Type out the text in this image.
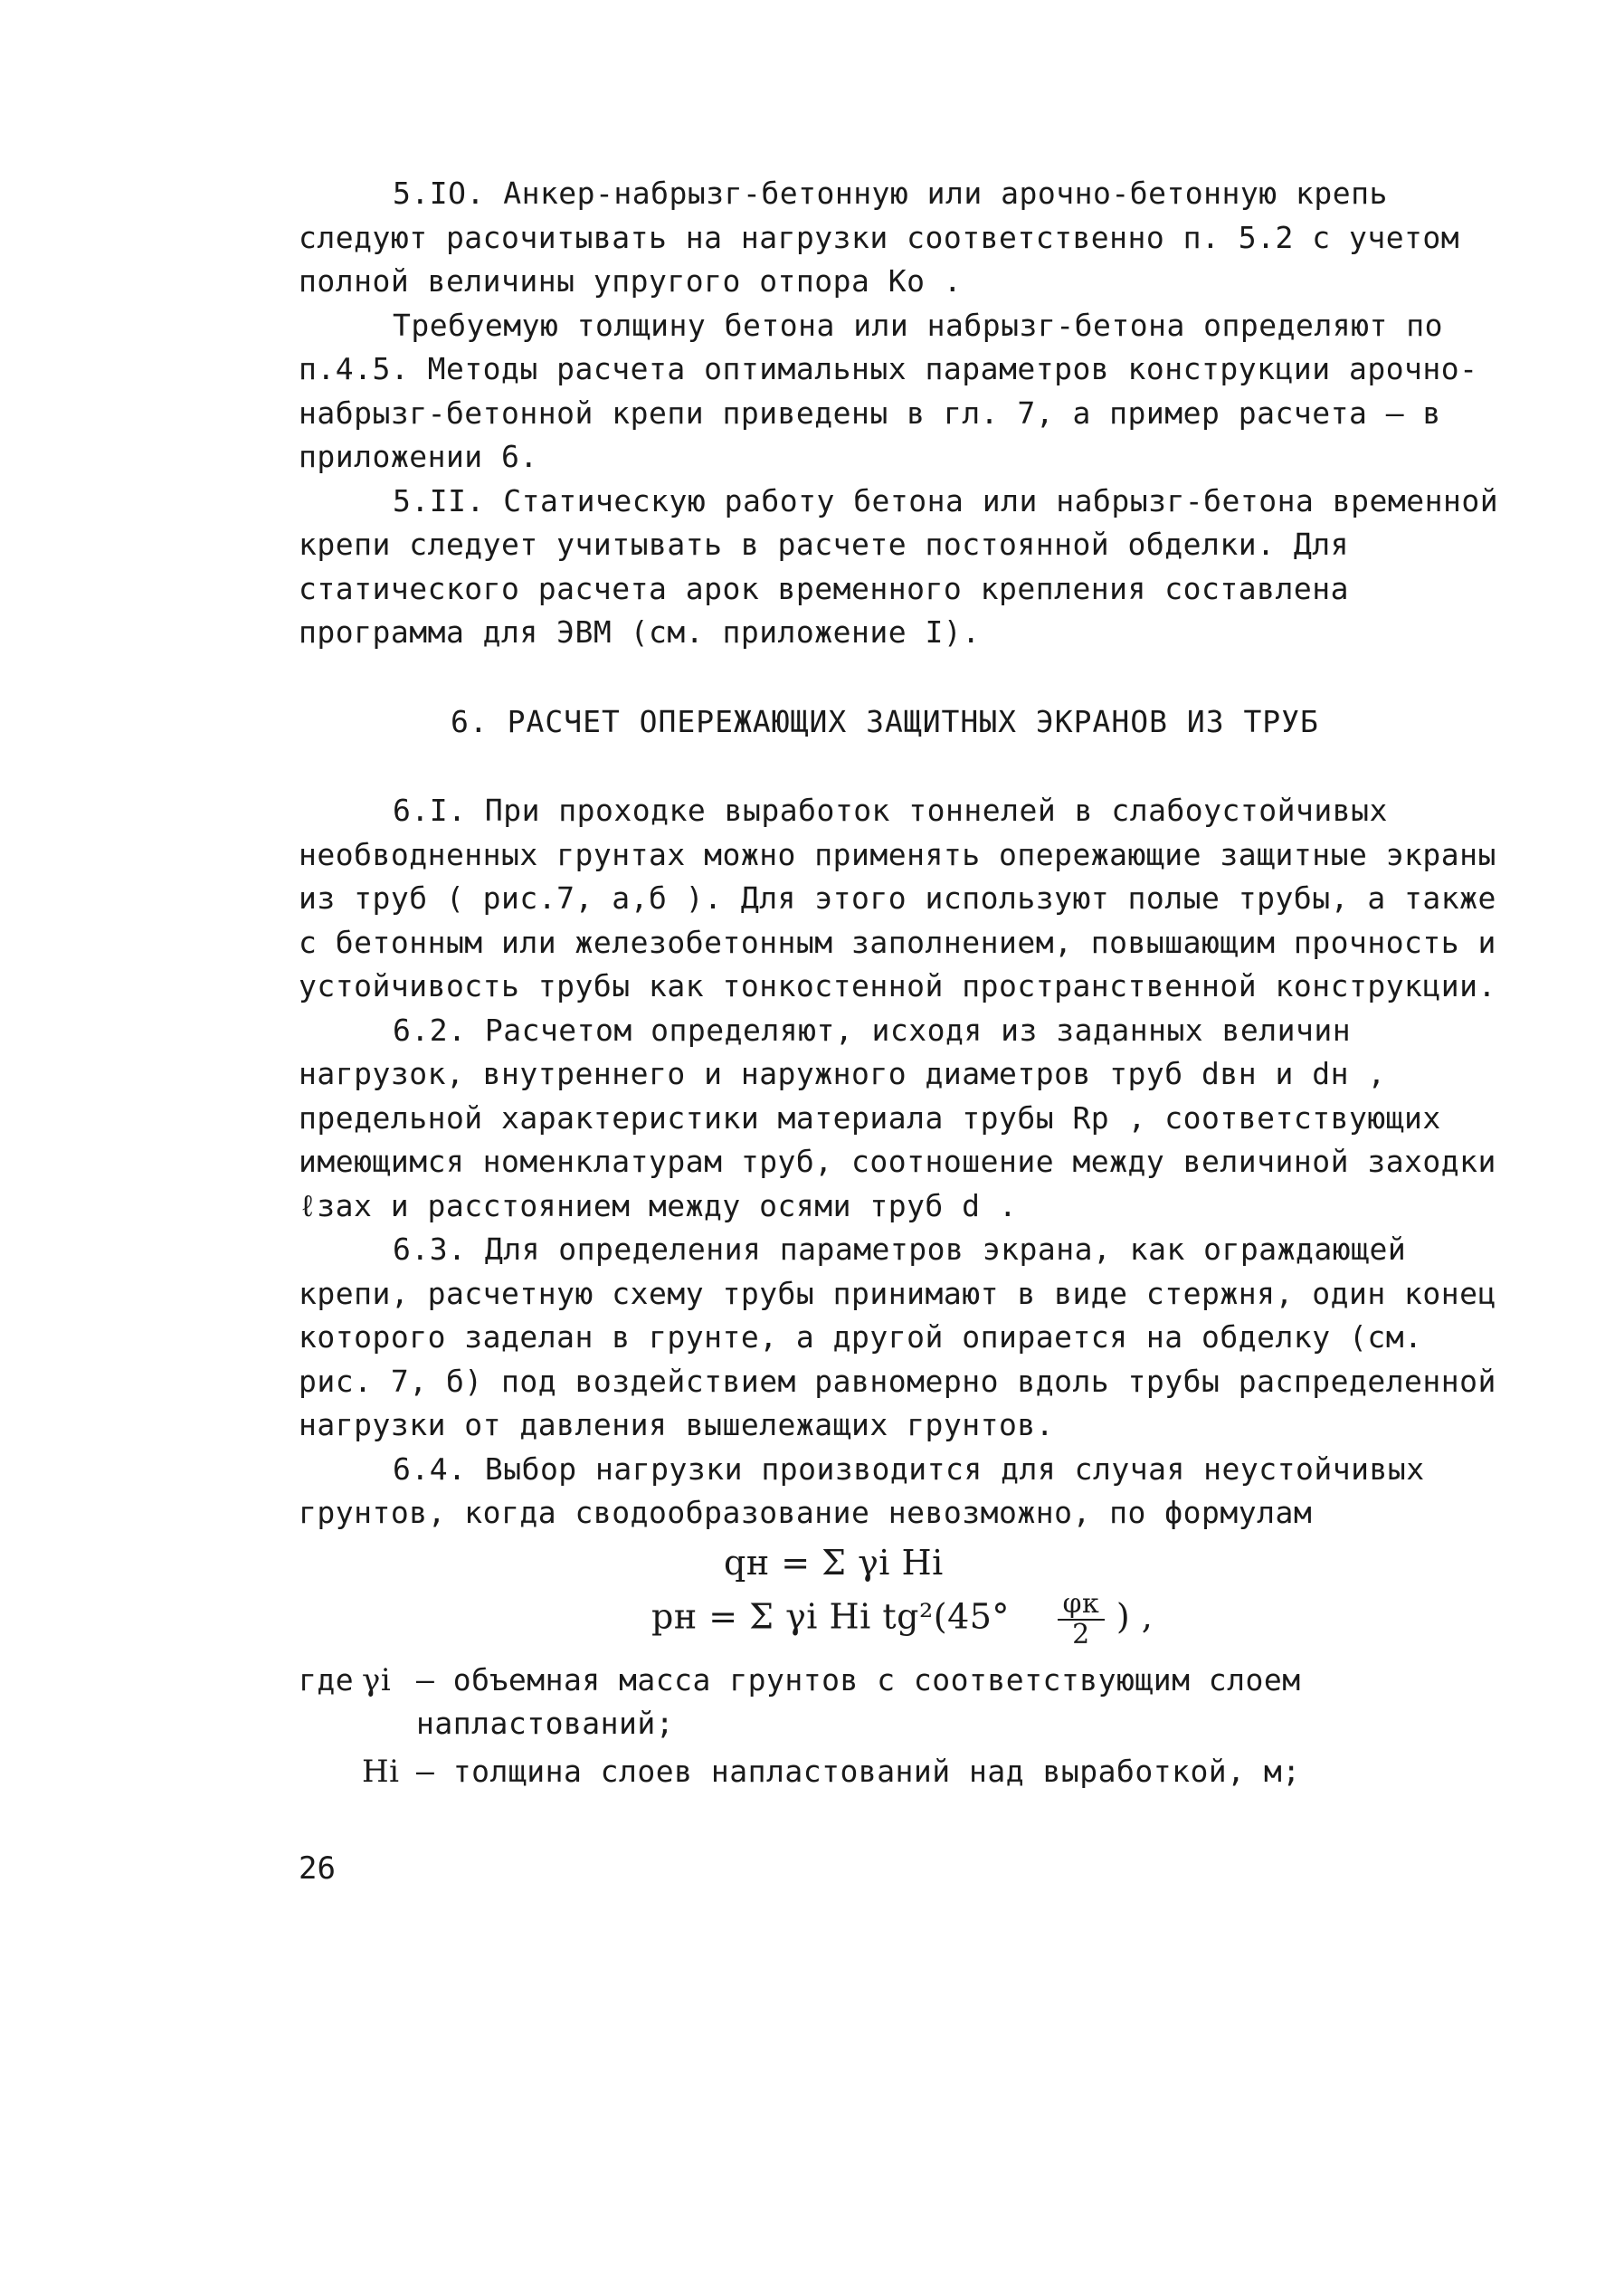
5.IO. Анкер-набрызг-бетонную или арочно-бетонную крепь следуют расочитывать на нагрузки соответственно п. 5.2 с учетом полной величины упругого отпора Ко .

Требуемую толщину бетона или набрызг-бетона определяют по п.4.5. Методы расчета оптимальных параметров конструкции арочно-набрызг-бетонной крепи приведены в гл. 7, а пример расчета – в приложении 6.

5.II. Статическую работу бетона или набрызг-бетона временной крепи следует учитывать в расчете постоянной обделки. Для статического расчета арок временного крепления составлена программа для ЭВМ (см. приложение I).

6. РАСЧЕТ ОПЕРЕЖАЮЩИХ ЗАЩИТНЫХ ЭКРАНОВ ИЗ ТРУБ

6.I. При проходке выработок тоннелей в слабоустойчивых необводненных грунтах можно применять опережающие защитные экраны из труб ( рис.7, а,б ). Для этого используют полые трубы, а также с бетонным или железобетонным заполнением, повышающим прочность и устойчивость трубы как тонкостенной пространственной конструкции.

6.2. Расчетом определяют, исходя из заданных величин нагрузок, внутреннего и наружного диаметров труб dвн и dн , предельной характеристики материала трубы Rр , соответствующих имеющимся номенклатурам труб, соотношение между величиной заходки ℓзах и расстоянием между осями труб d .

6.3. Для определения параметров экрана, как ограждающей крепи, расчетную схему трубы принимают в виде стержня, один конец которого заделан в грунте, а другой опирается на обделку (см. рис. 7, б) под воздействием равномерно вдоль трубы распределенной нагрузки от давления вышележащих грунтов.

6.4. Выбор нагрузки производится для случая неустойчивых грунтов, когда сводообразование невозможно, по формулам

qн = Σ γi Hi
pн = Σ γi Hi $tg^2(45^\circ \frac{\varphi к}{2}$ ) ,
где γi – объемная масса грунтов с соответствующим слоем напластований;
Hi – толщина слоев напластований над выработкой, м;
26
